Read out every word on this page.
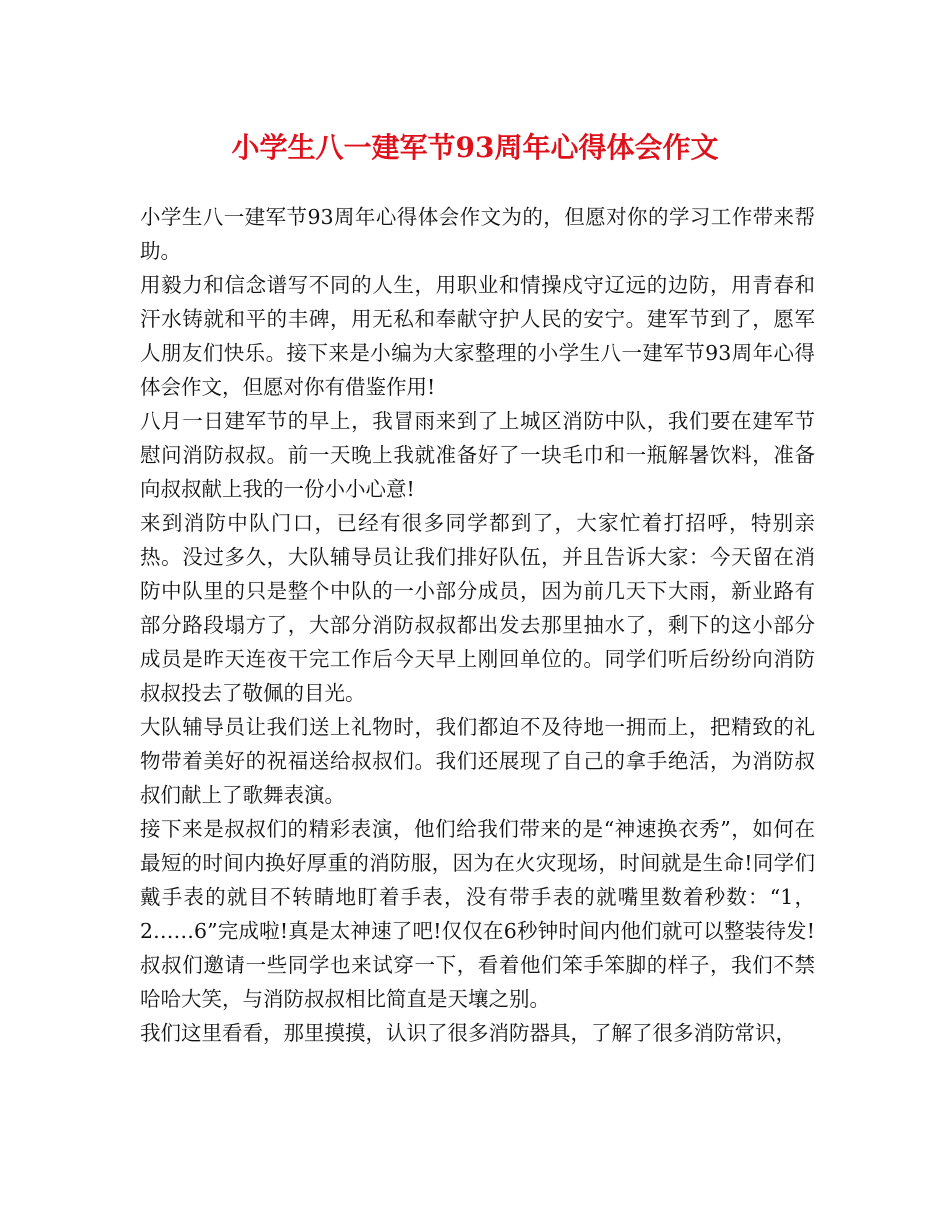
小学生八一建军节93周年心得体会作文

小学生八一建军节93周年心得体会作文为的，但愿对你的学习工作带来帮助。

用毅力和信念谱写不同的人生，用职业和情操戍守辽远的边防，用青春和汗水铸就和平的丰碑，用无私和奉献守护人民的安宁。建军节到了，愿军人朋友们快乐。接下来是小编为大家整理的小学生八一建军节93周年心得体会作文，但愿对你有借鉴作用!

八月一日建军节的早上，我冒雨来到了上城区消防中队，我们要在建军节慰问消防叔叔。前一天晚上我就准备好了一块毛巾和一瓶解暑饮料，准备向叔叔献上我的一份小小心意!

来到消防中队门口，已经有很多同学都到了，大家忙着打招呼，特别亲热。没过多久，大队辅导员让我们排好队伍，并且告诉大家：今天留在消防中队里的只是整个中队的一小部分成员，因为前几天下大雨，新业路有部分路段塌方了，大部分消防叔叔都出发去那里抽水了，剩下的这小部分成员是昨天连夜干完工作后今天早上刚回单位的。同学们听后纷纷向消防叔叔投去了敬佩的目光。

大队辅导员让我们送上礼物时，我们都迫不及待地一拥而上，把精致的礼物带着美好的祝福送给叔叔们。我们还展现了自己的拿手绝活，为消防叔叔们献上了歌舞表演。

接下来是叔叔们的精彩表演，他们给我们带来的是“神速换衣秀”，如何在最短的时间内换好厚重的消防服，因为在火灾现场，时间就是生命!同学们戴手表的就目不转睛地盯着手表，没有带手表的就嘴里数着秒数：“1，2……6”完成啦!真是太神速了吧!仅仅在6秒钟时间内他们就可以整装待发!叔叔们邀请一些同学也来试穿一下，看着他们笨手笨脚的样子，我们不禁哈哈大笑，与消防叔叔相比简直是天壤之别。

我们这里看看，那里摸摸，认识了很多消防器具，了解了很多消防常识，
